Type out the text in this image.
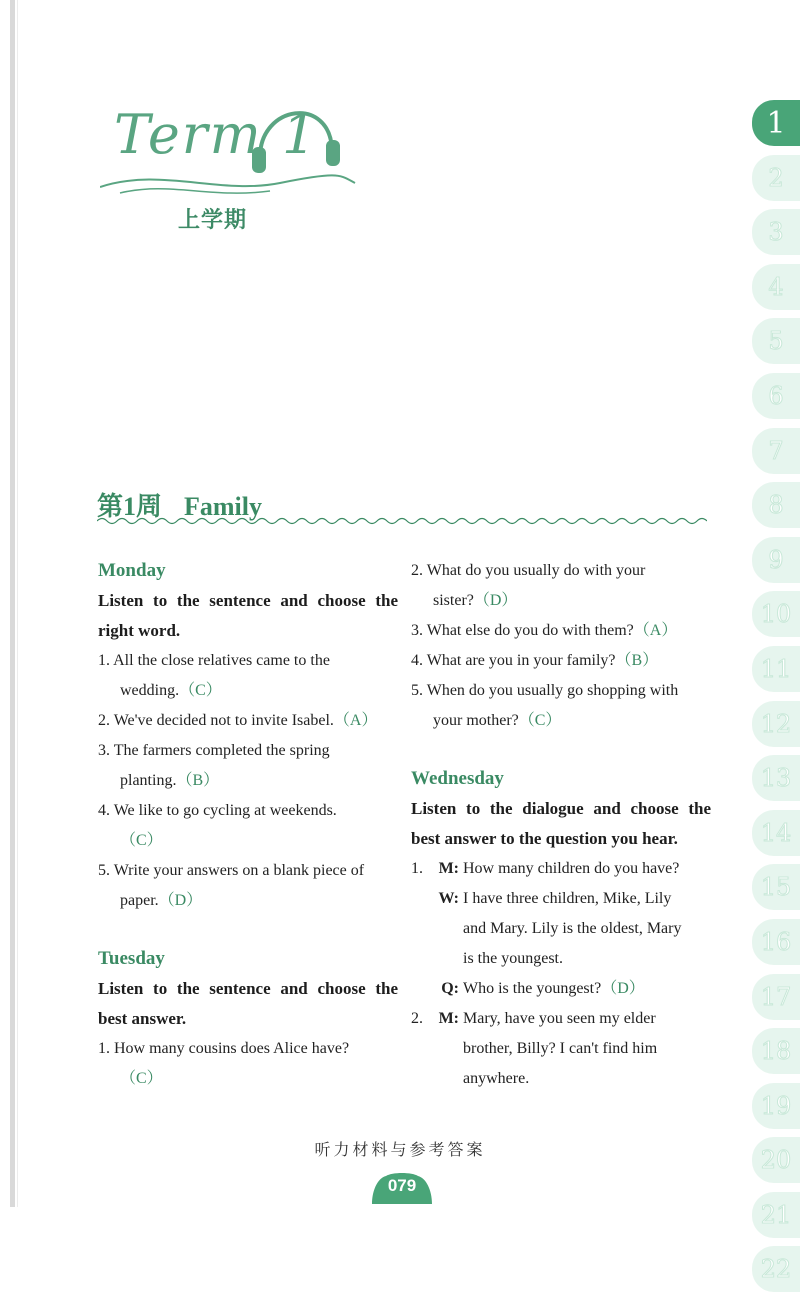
Term 1
上学期
1
2
3
4
5
6
7
8
9
10
11
12
13
14
15
16
17
18
19
20
21
22
第1周 Family
Monday
Listen to the sentence and choose the right word.
1. All the close relatives came to the
wedding.（C）
2. We've decided not to invite Isabel.（A）
3. The farmers completed the spring
planting.（B）
4. We like to go cycling at weekends.
（C）
5. Write your answers on a blank piece of
paper.（D）
Tuesday
Listen to the sentence and choose the best answer.
1. How many cousins does Alice have?
（C）
2. What do you usually do with your
sister?（D）
3. What else do you do with them?（A）
4. What are you in your family?（B）
5. When do you usually go shopping with
your mother?（C）
Wednesday
Listen to the dialogue and choose the best answer to the question you hear.
1. M: How many children do you have?
W: I have three children, Mike, Lily
and Mary. Lily is the oldest, Mary
is the youngest.
Q: Who is the youngest?（D）
2. M: Mary, have you seen my elder
brother, Billy? I can't find him
anywhere.
听力材料与参考答案
079
